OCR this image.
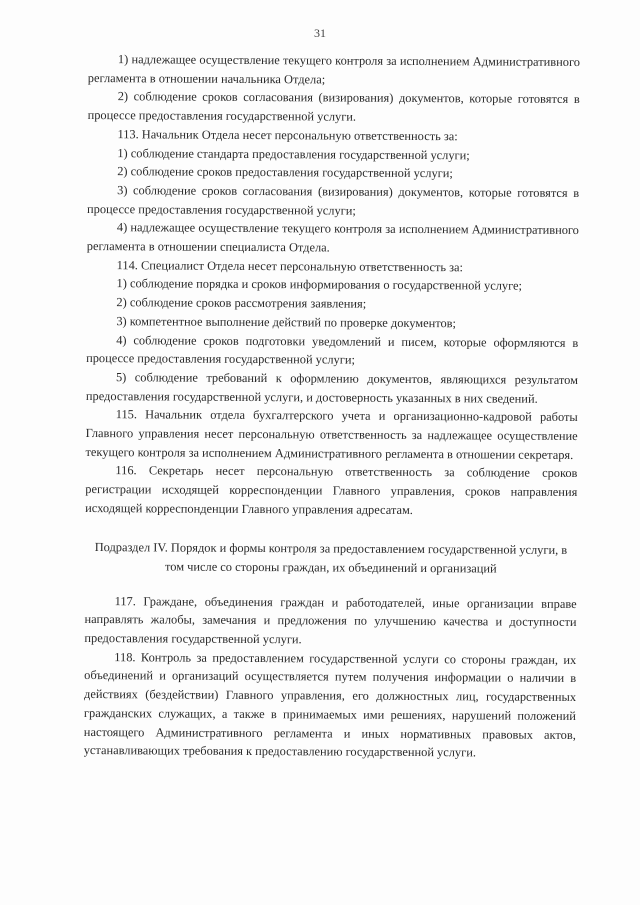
31

1) надлежащее осуществление текущего контроля за исполнением Административного регламента в отношении начальника Отдела;

2) соблюдение сроков согласования (визирования) документов, которые готовятся в процессе предоставления государственной услуги.

113. Начальник Отдела несет персональную ответственность за:

1) соблюдение стандарта предоставления государственной услуги;

2) соблюдение сроков предоставления государственной услуги;

3) соблюдение сроков согласования (визирования) документов, которые готовятся в процессе предоставления государственной услуги;

4) надлежащее осуществление текущего контроля за исполнением Административного регламента в отношении специалиста Отдела.

114. Специалист Отдела несет персональную ответственность за:

1) соблюдение порядка и сроков информирования о государственной услуге;

2) соблюдение сроков рассмотрения заявления;

3) компетентное выполнение действий по проверке документов;

4) соблюдение сроков подготовки уведомлений и писем, которые оформляются в процессе предоставления государственной услуги;

5) соблюдение требований к оформлению документов, являющихся результатом предоставления государственной услуги, и достоверность указанных в них сведений.

115. Начальник отдела бухгалтерского учета и организационно-кадровой работы Главного управления несет персональную ответственность за надлежащее осуществление текущего контроля за исполнением Административного регламента в отношении секретаря.

116. Секретарь несет персональную ответственность за соблюдение сроков регистрации исходящей корреспонденции Главного управления, сроков направления исходящей корреспонденции Главного управления адресатам.

Подраздел IV. Порядок и формы контроля за предоставлением государственной услуги, в том числе со стороны граждан, их объединений и организаций

117. Граждане, объединения граждан и работодателей, иные организации вправе направлять жалобы, замечания и предложения по улучшению качества и доступности предоставления государственной услуги.

118. Контроль за предоставлением государственной услуги со стороны граждан, их объединений и организаций осуществляется путем получения информации о наличии в действиях (бездействии) Главного управления, его должностных лиц, государственных гражданских служащих, а также в принимаемых ими решениях, нарушений положений настоящего Административного регламента и иных нормативных правовых актов, устанавливающих требования к предоставлению государственной услуги.
